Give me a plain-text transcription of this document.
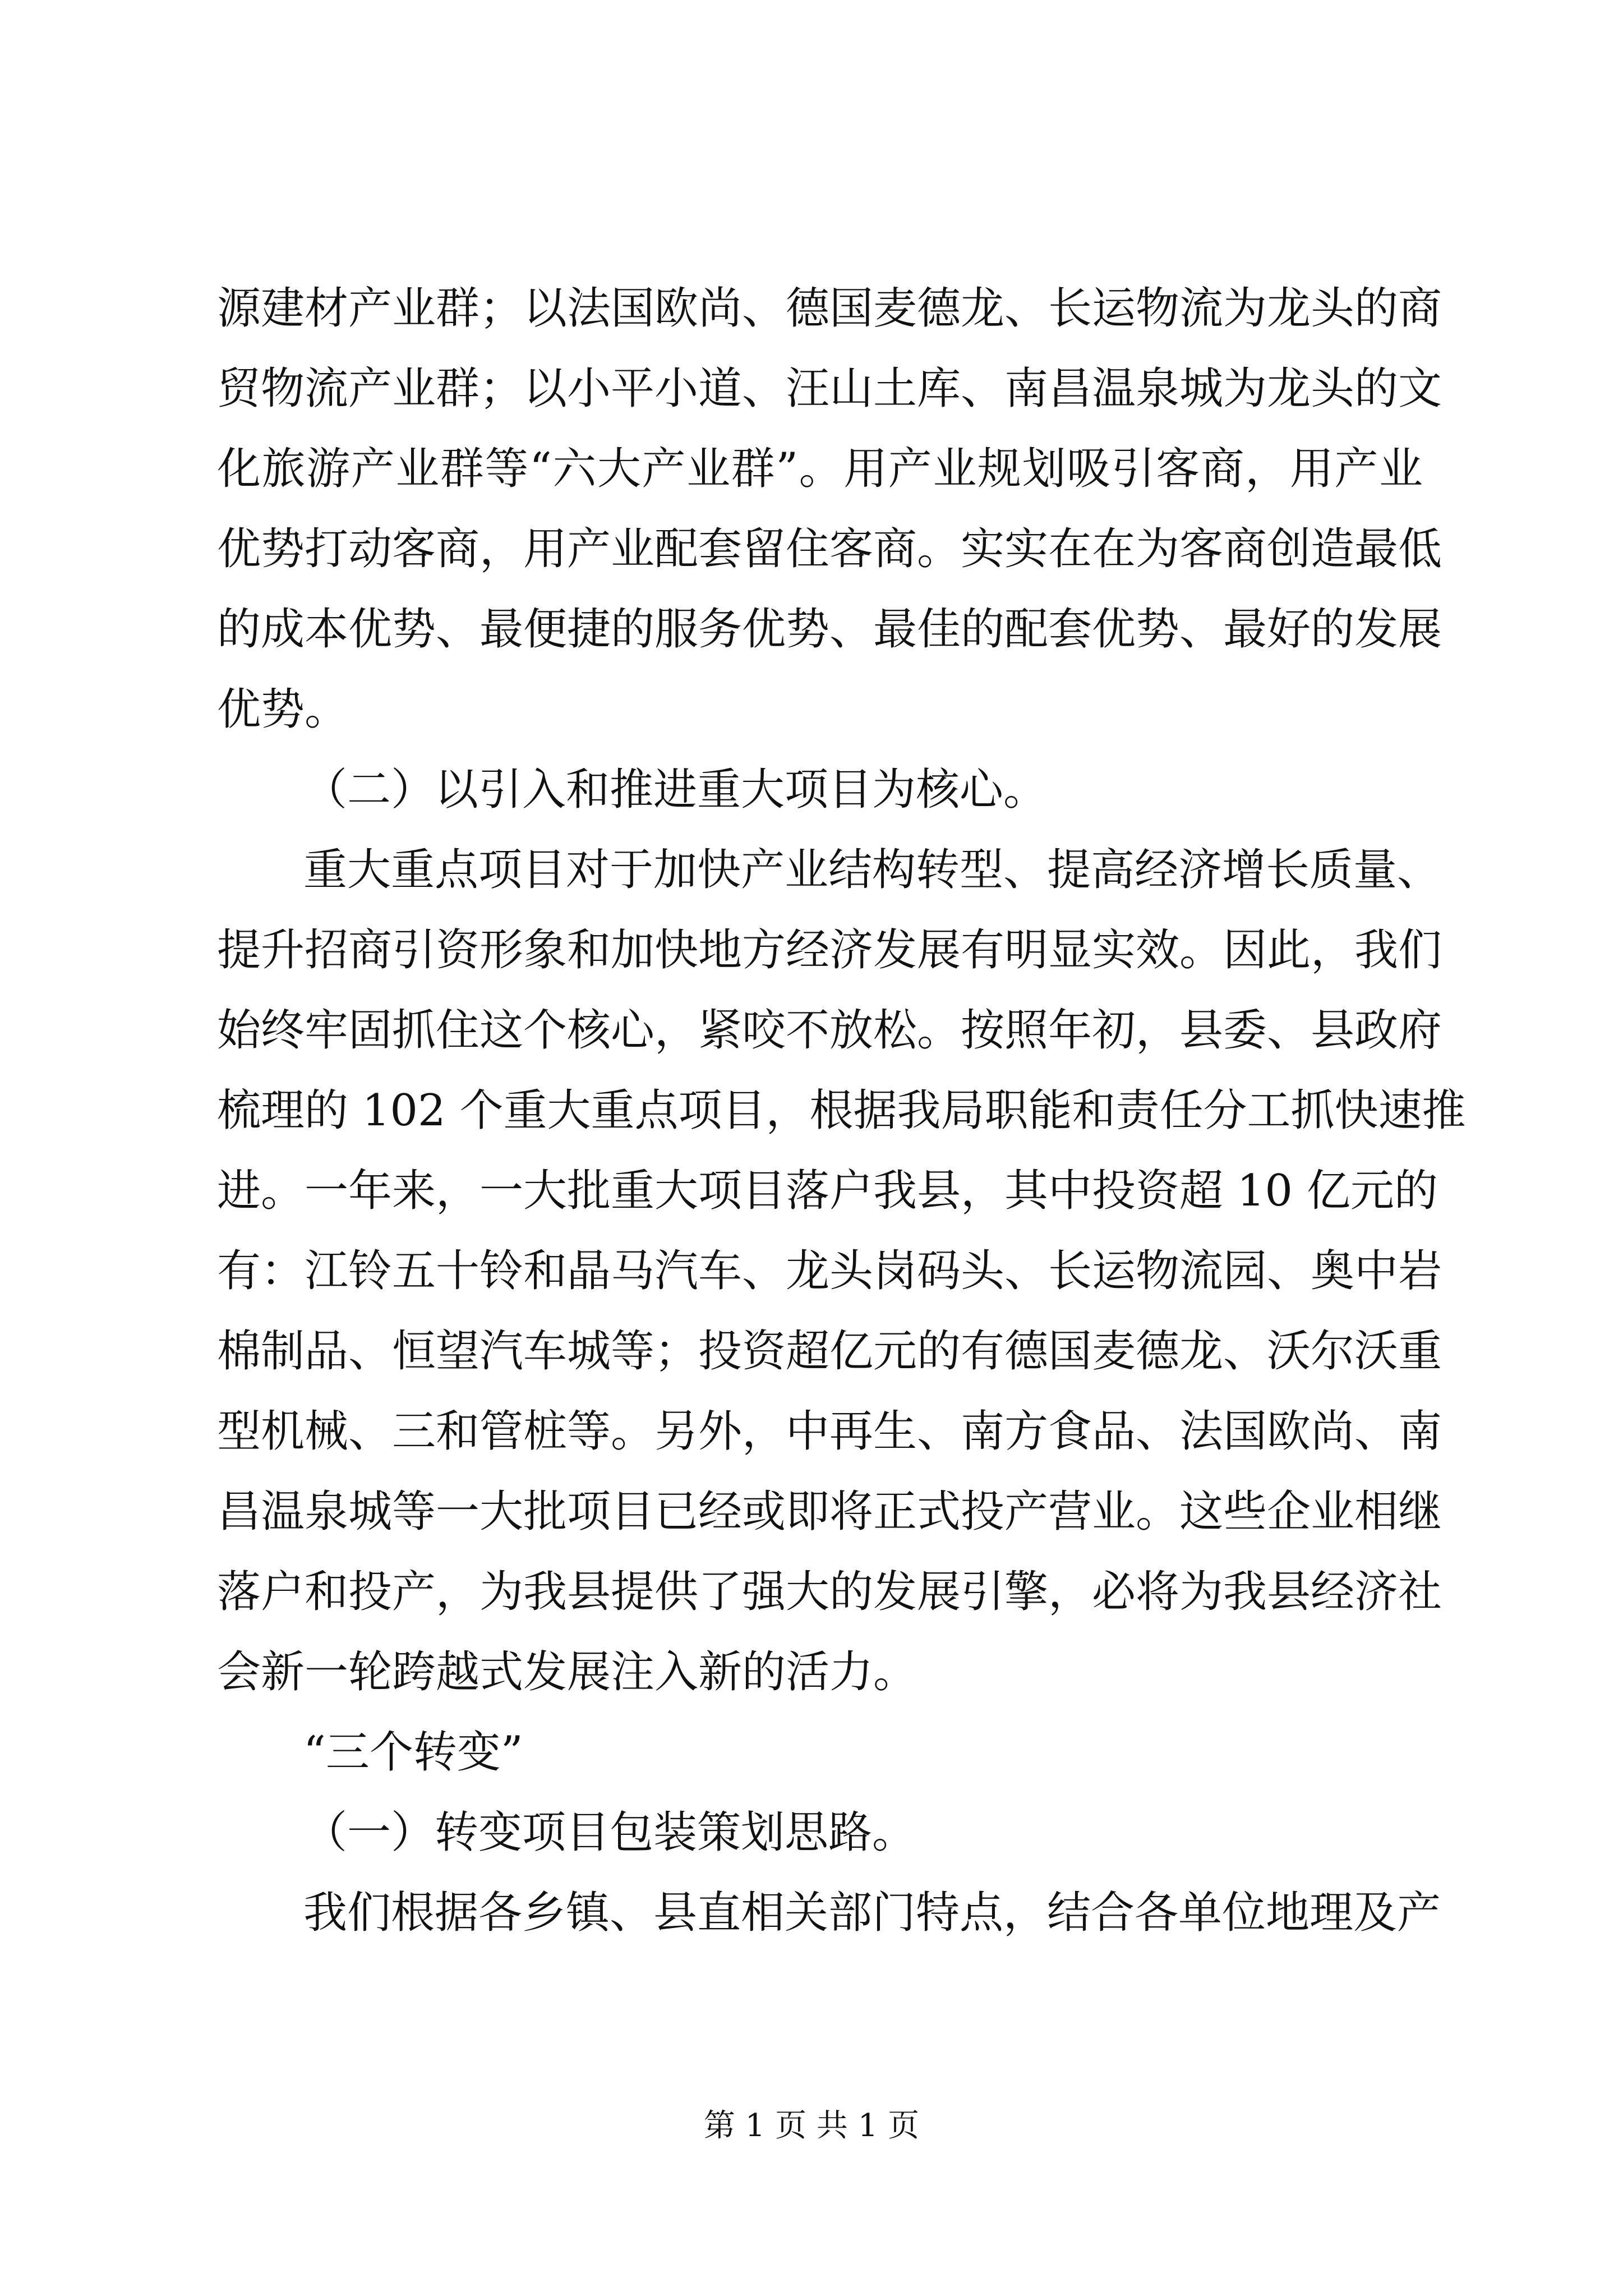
源建材产业群；以法国欧尚、德国麦德龙、长运物流为龙头的商

贸物流产业群；以小平小道、汪山土库、南昌温泉城为龙头的文

化旅游产业群等“六大产业群”。用产业规划吸引客商，用产业

优势打动客商，用产业配套留住客商。实实在在为客商创造最低

的成本优势、最便捷的服务优势、最佳的配套优势、最好的发展

优势。

（二）以引入和推进重大项目为核心。

重大重点项目对于加快产业结构转型、提高经济增长质量、

提升招商引资形象和加快地方经济发展有明显实效。因此，我们

始终牢固抓住这个核心，紧咬不放松。按照年初，县委、县政府

梳理的 102 个重大重点项目，根据我局职能和责任分工抓快速推

进。一年来，一大批重大项目落户我县，其中投资超 10 亿元的

有：江铃五十铃和晶马汽车、龙头岗码头、长运物流园、奥中岩

棉制品、恒望汽车城等；投资超亿元的有德国麦德龙、沃尔沃重

型机械、三和管桩等。另外，中再生、南方食品、法国欧尚、南

昌温泉城等一大批项目已经或即将正式投产营业。这些企业相继

落户和投产，为我县提供了强大的发展引擎，必将为我县经济社

会新一轮跨越式发展注入新的活力。

“三个转变”

（一）转变项目包装策划思路。

我们根据各乡镇、县直相关部门特点，结合各单位地理及产

第 1 页 共 1 页
